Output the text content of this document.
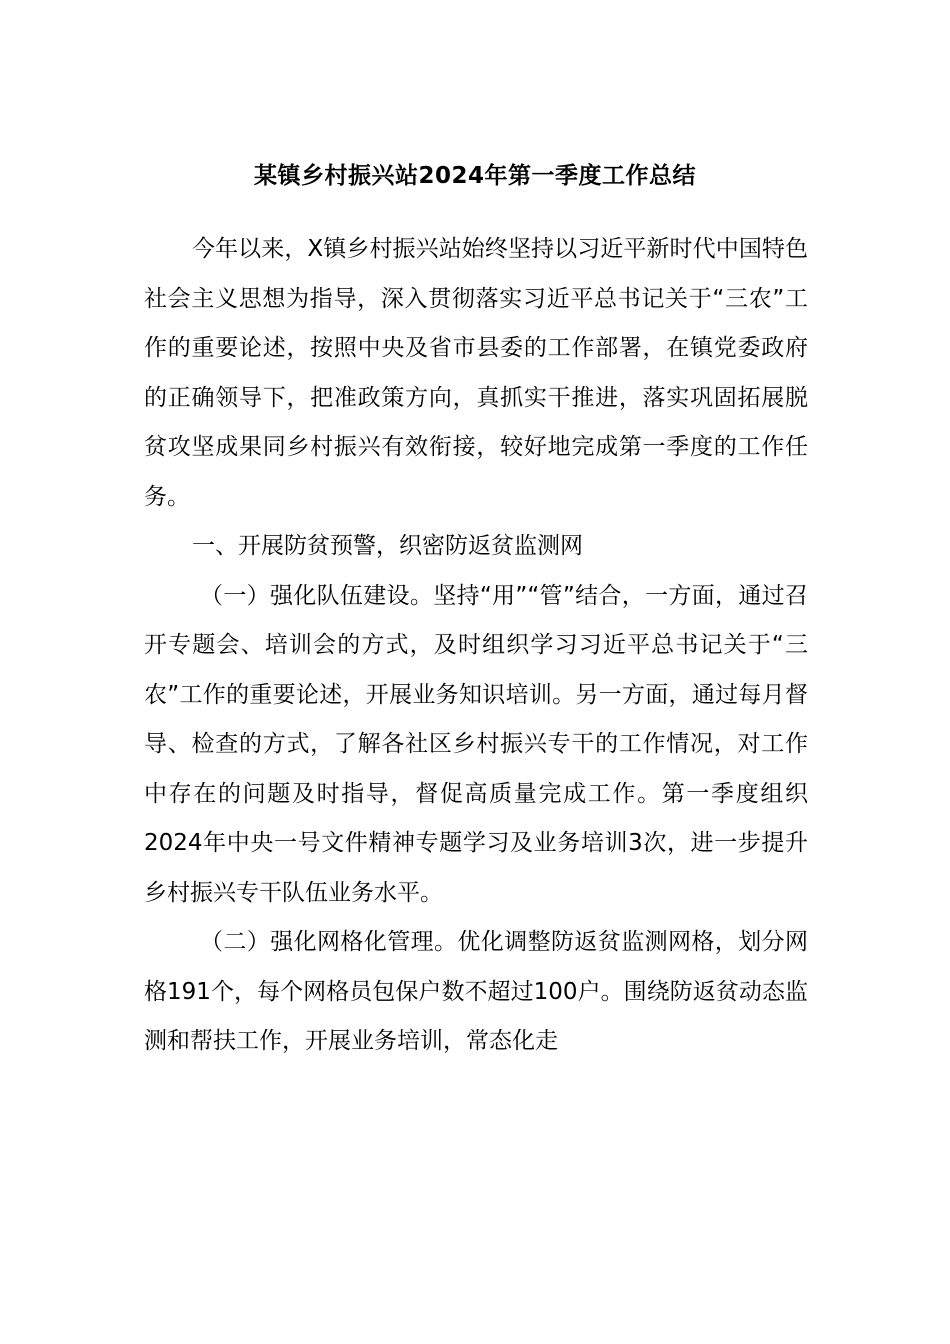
某镇乡村振兴站2024年第一季度工作总结

今年以来，X镇乡村振兴站始终坚持以习近平新时代中国特色社会主义思想为指导，深入贯彻落实习近平总书记关于“三农”工作的重要论述，按照中央及省市县委的工作部署，在镇党委政府的正确领导下，把准政策方向，真抓实干推进，落实巩固拓展脱贫攻坚成果同乡村振兴有效衔接，较好地完成第一季度的工作任务。

一、开展防贫预警，织密防返贫监测网

（一）强化队伍建设。坚持“用”“管”结合，一方面，通过召开专题会、培训会的方式，及时组织学习习近平总书记关于“三农”工作的重要论述，开展业务知识培训。另一方面，通过每月督导、检查的方式，了解各社区乡村振兴专干的工作情况，对工作中存在的问题及时指导，督促高质量完成工作。第一季度组织2024年中央一号文件精神专题学习及业务培训3次，进一步提升乡村振兴专干队伍业务水平。

（二）强化网格化管理。优化调整防返贫监测网格，划分网格191个，每个网格员包保户数不超过100户。围绕防返贫动态监测和帮扶工作，开展业务培训，常态化走
